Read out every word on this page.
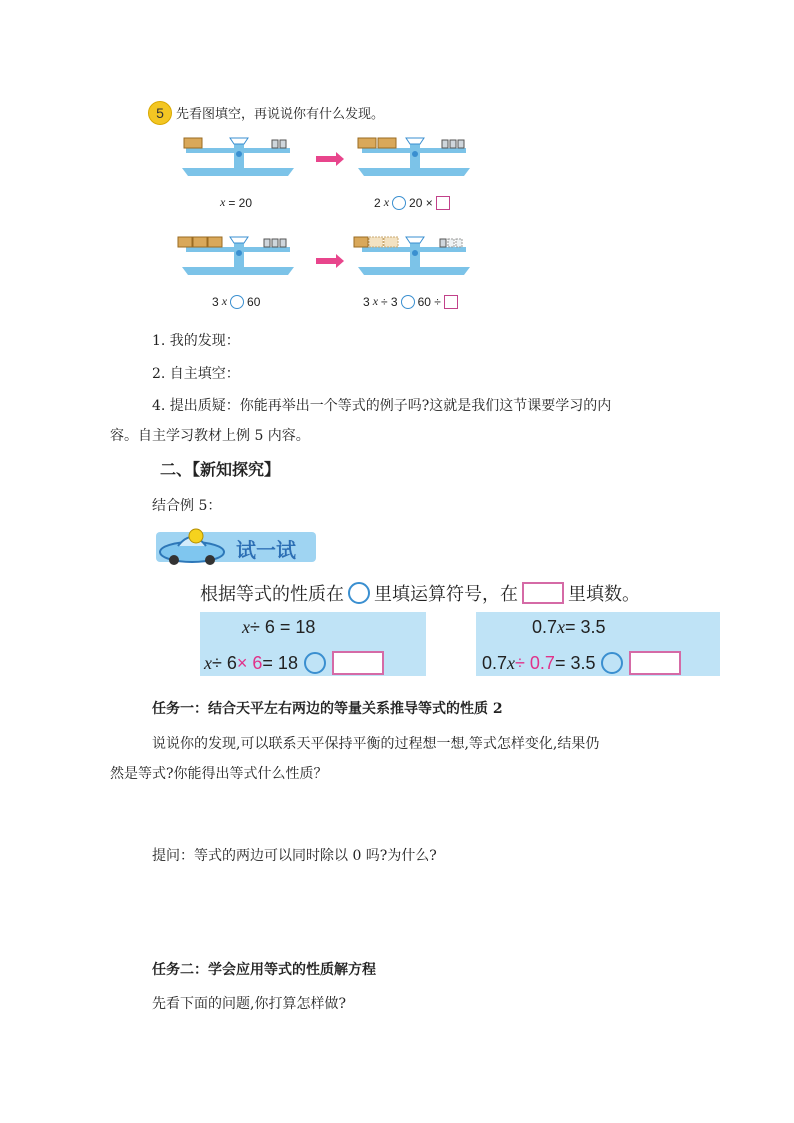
5 先看图填空，再说说你有什么发现。
x = 20	2 x 20 ×
3 x 60	3 x ÷ 3 60 ÷
1. 我的发现：
2. 自主填空：
4. 提出质疑：你能再举出一个等式的例子吗?这就是我们这节课要学习的内
容。自主学习教材上例 5 内容。
二、【新知探究】
结合例 5：
试一试
根据等式的性质在 里填运算符号，在	里填数。
x ÷ 6 = 18
x ÷ 6 × 6 = 18
0.7 x = 3.5
0.7 x ÷ 0.7 = 3.5
任务一：结合天平左右两边的等量关系推导等式的性质 2
说说你的发现,可以联系天平保持平衡的过程想一想,等式怎样变化,结果仍
然是等式?你能得出等式什么性质？
提问：等式的两边可以同时除以 0 吗?为什么?
任务二：学会应用等式的性质解方程
先看下面的问题,你打算怎样做?
